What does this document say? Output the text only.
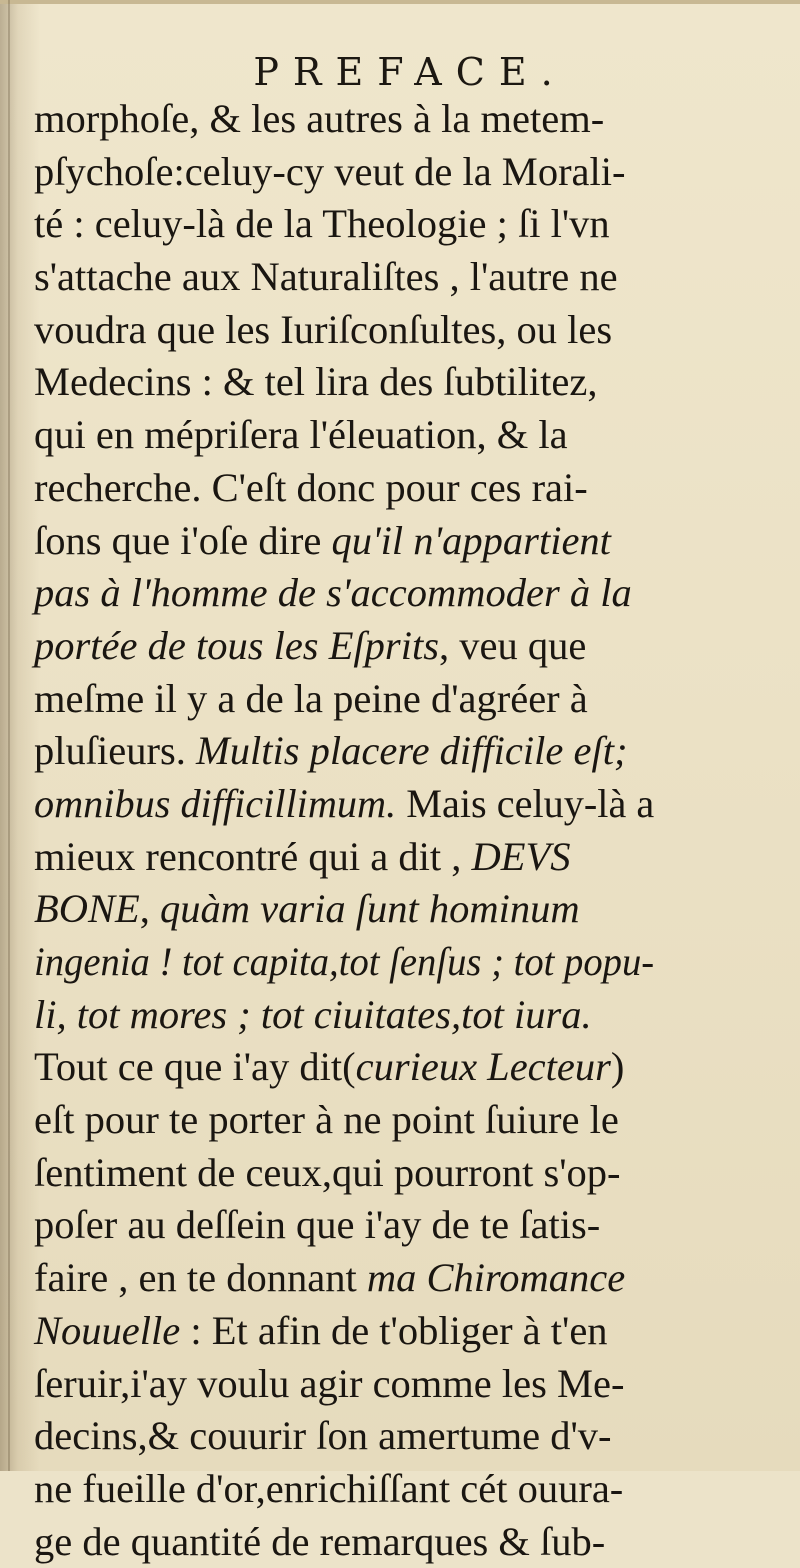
PREFACE.
morphoſe, & les autres à la metem-
pſychoſe:celuy-cy veut de la Morali-
té : celuy-là de la Theologie ; ſi l'vn
s'attache aux Naturaliſtes , l'autre ne
voudra que les Iuriſconſultes, ou les
Medecins : & tel lira des ſubtilitez,
qui en mépriſera l'éleuation, & la
recherche. C'eſt donc pour ces rai-
ſons que i'oſe dire qu'il n'appartient
pas à l'homme de s'accommoder à la
portée de tous les Eſprits, veu que
meſme il y a de la peine d'agréer à
pluſieurs. Multis placere difficile eſt;
omnibus difficillimum. Mais celuy-là a
mieux rencontré qui a dit , DEVS
BONE, quàm varia ſunt hominum
ingenia ! tot capita,tot ſenſus ; tot popu-
li, tot mores ; tot ciuitates,tot iura.
Tout ce que i'ay dit(curieux Lecteur)
eſt pour te porter à ne point ſuiure le
ſentiment de ceux,qui pourront s'op-
poſer au deſſein que i'ay de te ſatis-
faire , en te donnant ma Chiromance
Nouuelle : Et afin de t'obliger à t'en
ſeruir,i'ay voulu agir comme les Me-
decins,& couurir ſon amertume d'v-
ne fueille d'or,enrichiſſant cét ouura-
ge de quantité de remarques & ſub-
